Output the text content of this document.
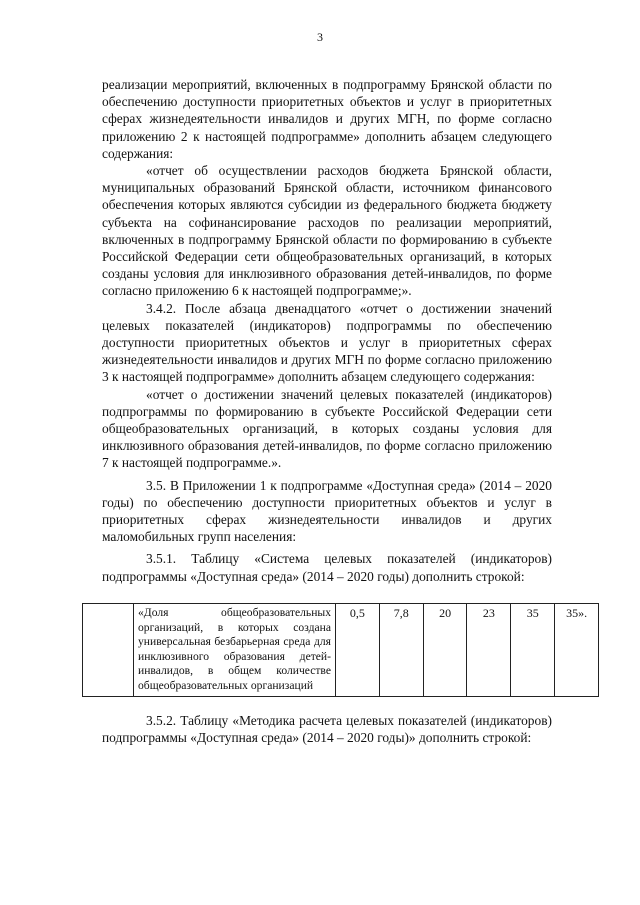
3

реализации мероприятий, включенных в подпрограмму Брянской области по обеспечению доступности приоритетных объектов и услуг в приоритетных сферах жизнедеятельности инвалидов и других МГН, по форме согласно приложению 2 к настоящей подпрограмме» дополнить абзацем следующего содержания:

«отчет об осуществлении расходов бюджета Брянской области, муниципальных образований Брянской области, источником финансового обеспечения которых являются субсидии из федерального бюджета бюджету субъекта на софинансирование расходов по реализации мероприятий, включенных в подпрограмму Брянской области по формированию в субъекте Российской Федерации сети общеобразовательных организаций, в которых созданы условия для инклюзивного образования детей-инвалидов, по форме согласно приложению 6 к настоящей подпрограмме;».

3.4.2. После абзаца двенадцатого «отчет о достижении значений целевых показателей (индикаторов) подпрограммы по обеспечению доступности приоритетных объектов и услуг в приоритетных сферах жизнедеятельности инвалидов и других МГН по форме согласно приложению 3 к настоящей подпрограмме» дополнить абзацем следующего содержания:

«отчет о достижении значений целевых показателей (индикаторов) подпрограммы по формированию в субъекте Российской Федерации сети общеобразовательных организаций, в которых созданы условия для инклюзивного образования детей-инвалидов, по форме согласно приложению 7 к настоящей подпрограмме.».

3.5. В Приложении 1 к подпрограмме «Доступная среда» (2014 – 2020 годы) по обеспечению доступности приоритетных объектов и услуг в приоритетных сферах жизнедеятельности инвалидов и других маломобильных групп населения:

3.5.1. Таблицу «Система целевых показателей (индикаторов) подпрограммы «Доступная среда» (2014 – 2020 годы) дополнить строкой:

	«Доля общеобразовательных организаций, в которых создана универсальная безбарьерная среда для инклюзивного образования детей-инвалидов, в общем количестве общеобразовательных организаций	0,5	7,8	20	23	35	35».

3.5.2. Таблицу «Методика расчета целевых показателей (индикаторов) подпрограммы «Доступная среда» (2014 – 2020 годы)» дополнить строкой:
